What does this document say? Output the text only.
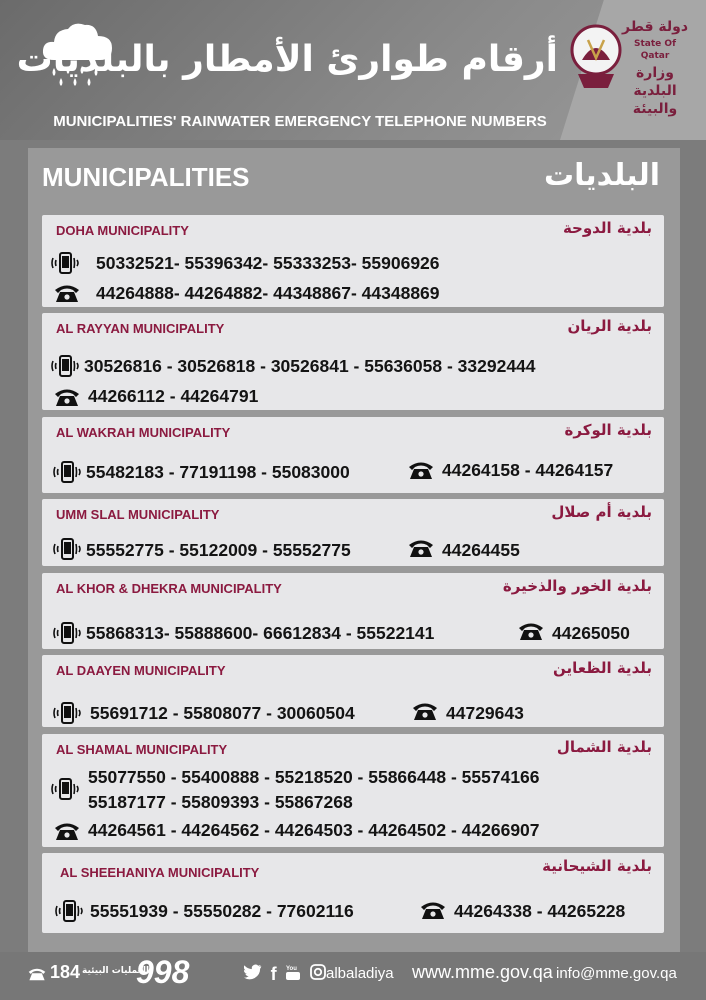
أرقام طوارئ الأمطار بالبلديات
دولة قطر
State Of Qatar
وزارة البلدية والبيئة
MUNICIPALITIES' RAINWATER EMERGENCY TELEPHONE NUMBERS
MUNICIPALITIES	البلديات
DOHA MUNICIPALITY	بلدية الدوحة
50332521- 55396342- 55333253- 55906926
44264888- 44264882- 44348867- 44348869
AL RAYYAN MUNICIPALITY	بلدية الريان
30526816 - 30526818 - 30526841 - 55636058 - 33292444
44266112 - 44264791
AL WAKRAH MUNICIPALITY	بلدية الوكرة
55482183 - 77191198 - 55083000	44264158 - 44264157
UMM SLAL MUNICIPALITY	بلدية أم صلال
55552775 - 55122009 - 55552775	44264455
AL KHOR & DHEKRA MUNICIPALITY	بلدية الخور والذخيرة
55868313- 55888600- 66612834 - 55522141	44265050
AL DAAYEN MUNICIPALITY	بلدية الظعاين
55691712 - 55808077 - 30060504	44729643
AL SHAMAL MUNICIPALITY	بلدية الشمال
55077550 - 55400888 - 55218520 - 55866448 - 55574166
55187177 - 55809393 - 55867268
44264561 - 44264562 - 44264503 - 44264502 - 44266907
AL SHEEHANIYA MUNICIPALITY	بلدية الشيحانية
55551939 - 55550282 - 77602116	44264338 - 44265228
184 العمليات البيئية
998	f You
albaladiya www.mme.gov.qa info@mme.gov.qa
